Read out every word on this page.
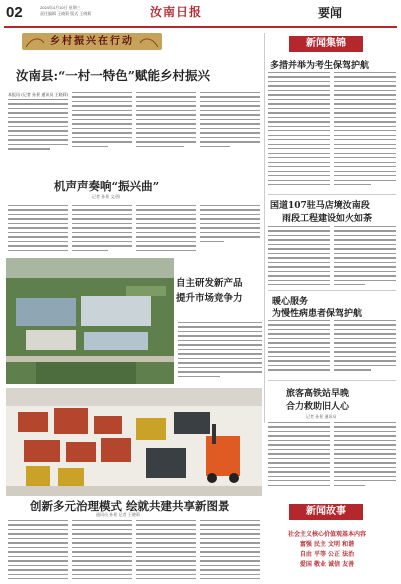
02	2024年4月10日 星期三
责任编辑 王晓莉 版式 王晓莉	汝南日报	要闻
乡村振兴在行动
汝南县:“一村一特色”赋能乡村振兴
本报讯 (记者 孙景 通讯员 王晓莉)
机声声奏响“振兴曲”
记者 孙景 文/图
自主研发新产品
提升市场竞争力
创新多元治理模式 绘就共建共享新图景
通讯员 孙景 记者 王晓莉
新闻集锦
多措并举为考生保驾护航
国道107驻马店境汝南段
雨段工程建设如火如荼
暖心服务
为慢性病患者保驾护航
旅客高铁站早晚
合力救助旧人心
记者 孙景 通讯员
新闻故事
社会主义核心价值观基本内容
富强 民主 文明 和谐
自由 平等 公正 法治
爱国 敬业 诚信 友善
